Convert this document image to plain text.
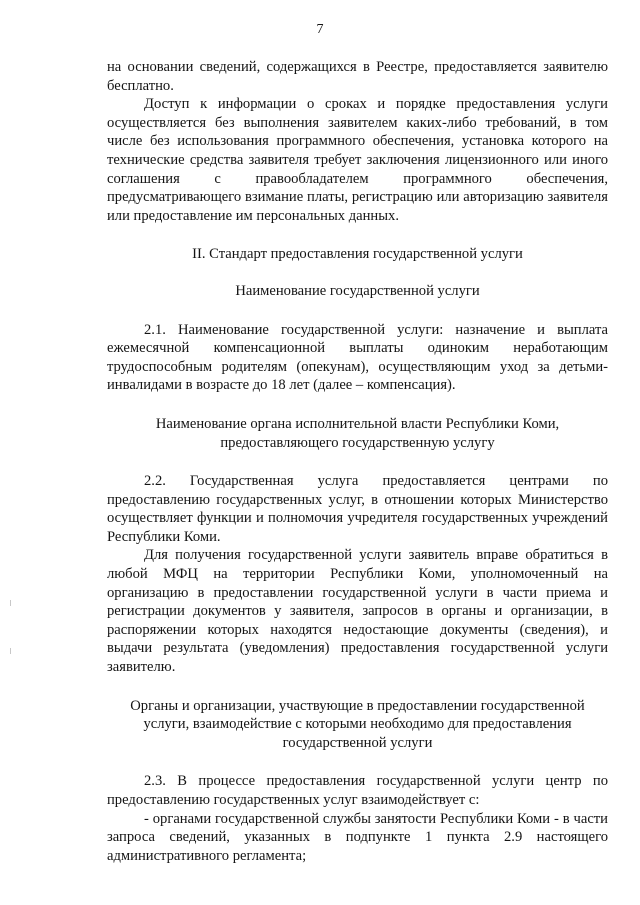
7

на основании сведений, содержащихся в Реестре, предоставляется заявителю бесплатно.

Доступ к информации о сроках и порядке предоставления услуги осуществляется без выполнения заявителем каких-либо требований, в том числе без использования программного обеспечения, установка которого на технические средства заявителя требует заключения лицензионного или иного соглашения с правообладателем программного обеспечения, предусматривающего взимание платы, регистрацию или авторизацию заявителя или предоставление им персональных данных.

II. Стандарт предоставления государственной услуги

Наименование государственной услуги

2.1. Наименование государственной услуги: назначение и выплата ежемесячной компенсационной выплаты одиноким неработающим трудоспособным родителям (опекунам), осуществляющим уход за детьми-инвалидами в возрасте до 18 лет (далее – компенсация).

Наименование органа исполнительной власти Республики Коми,

предоставляющего государственную услугу

2.2. Государственная услуга предоставляется центрами по предоставлению государственных услуг, в отношении которых Министерство осуществляет функции и полномочия учредителя государственных учреждений Республики Коми.

Для получения государственной услуги заявитель вправе обратиться в любой МФЦ на территории Республики Коми, уполномоченный на организацию в предоставлении государственной услуги в части приема и регистрации документов у заявителя, запросов в органы и организации, в распоряжении которых находятся недостающие документы (сведения), и выдачи результата (уведомления) предоставления государственной услуги заявителю.

Органы и организации, участвующие в предоставлении государственной

услуги, взаимодействие с которыми необходимо для предоставления

государственной услуги

2.3. В процессе предоставления государственной услуги центр по предоставлению государственных услуг взаимодействует с:

- органами государственной службы занятости Республики Коми - в части запроса сведений, указанных в подпункте 1 пункта 2.9 настоящего административного регламента;
